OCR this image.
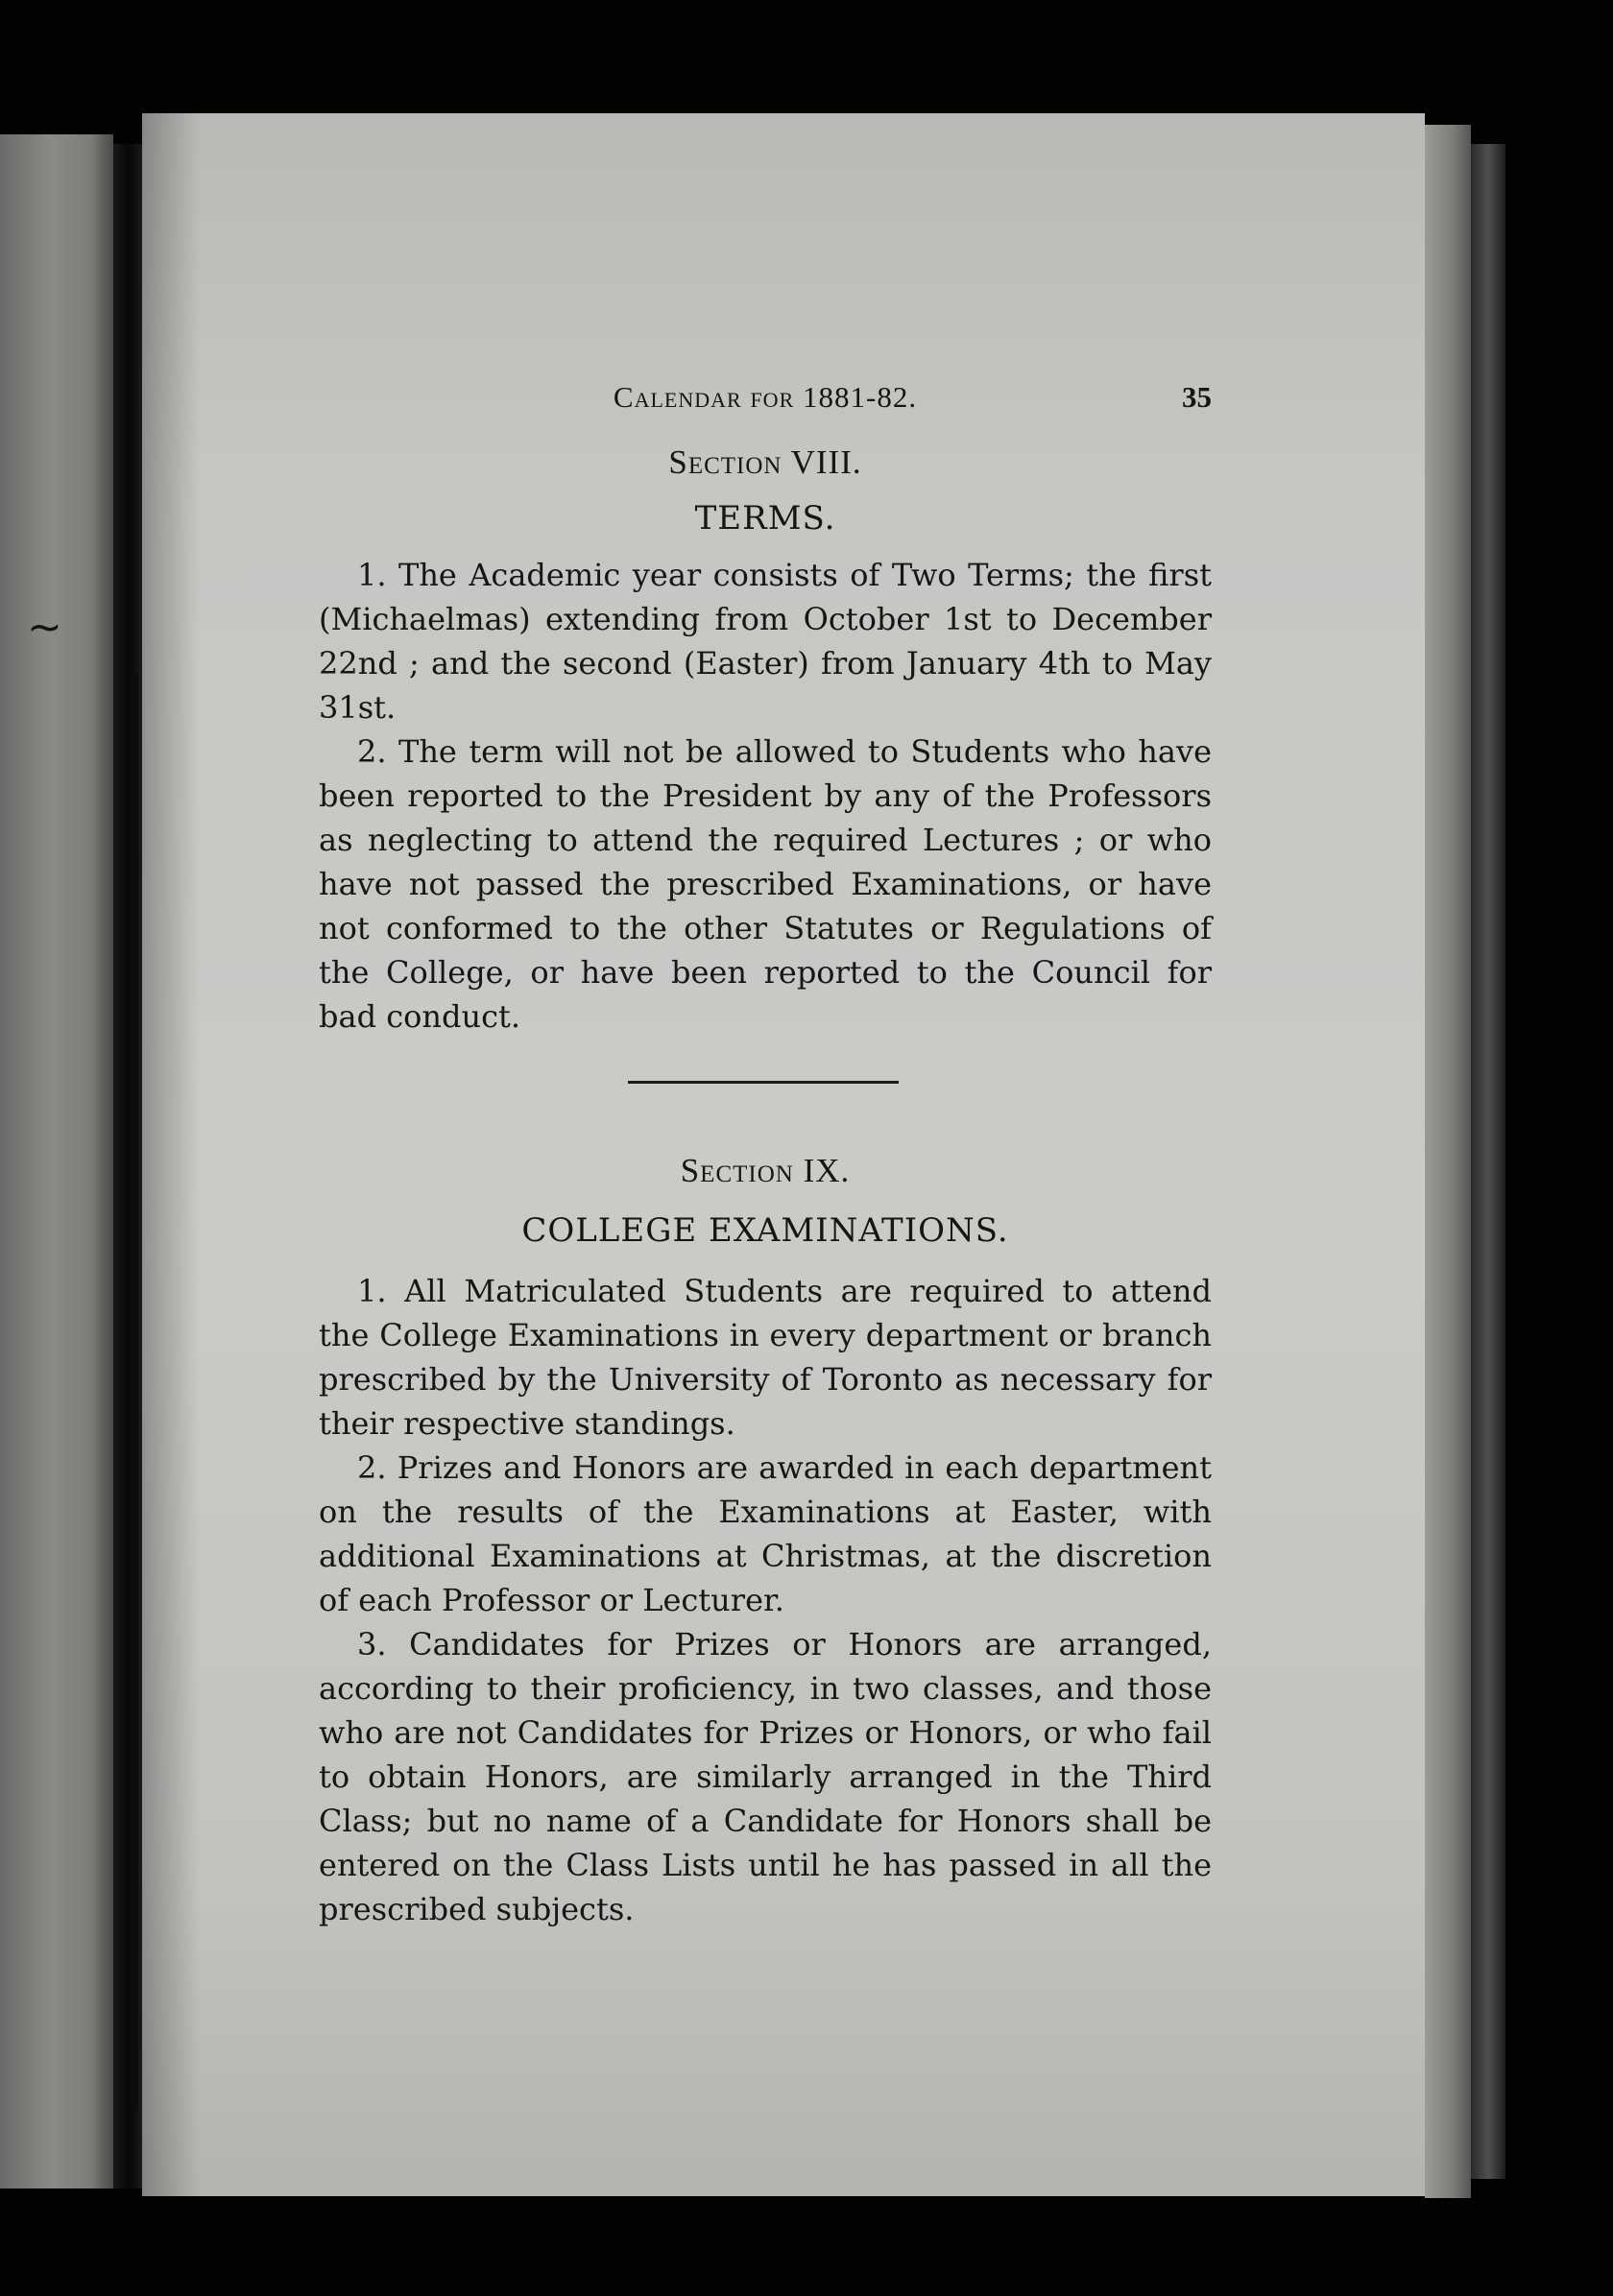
~
Calendar for 1881-82.	35
Section VIII.
TERMS.

1. The Academic year consists of Two Terms; the first (Michaelmas) extending from October 1st to December 22nd ; and the second (Easter) from January 4th to May 31st.

2. The term will not be allowed to Students who have been reported to the President by any of the Professors as neglecting to attend the required Lectures ; or who have not passed the prescribed Examinations, or have not conformed to the other Statutes or Regulations of the College, or have been reported to the Council for bad conduct.

Section IX.
COLLEGE EXAMINATIONS.

1. All Matriculated Students are required to attend the College Examinations in every department or branch prescribed by the University of Toronto as necessary for their respective standings.

2. Prizes and Honors are awarded in each department on the results of the Examinations at Easter, with additional Examinations at Christmas, at the discretion of each Professor or Lecturer.

3. Candidates for Prizes or Honors are arranged, according to their proficiency, in two classes, and those who are not Candidates for Prizes or Honors, or who fail to obtain Honors, are similarly arranged in the Third Class; but no name of a Candidate for Honors shall be entered on the Class Lists until he has passed in all the prescribed subjects.
